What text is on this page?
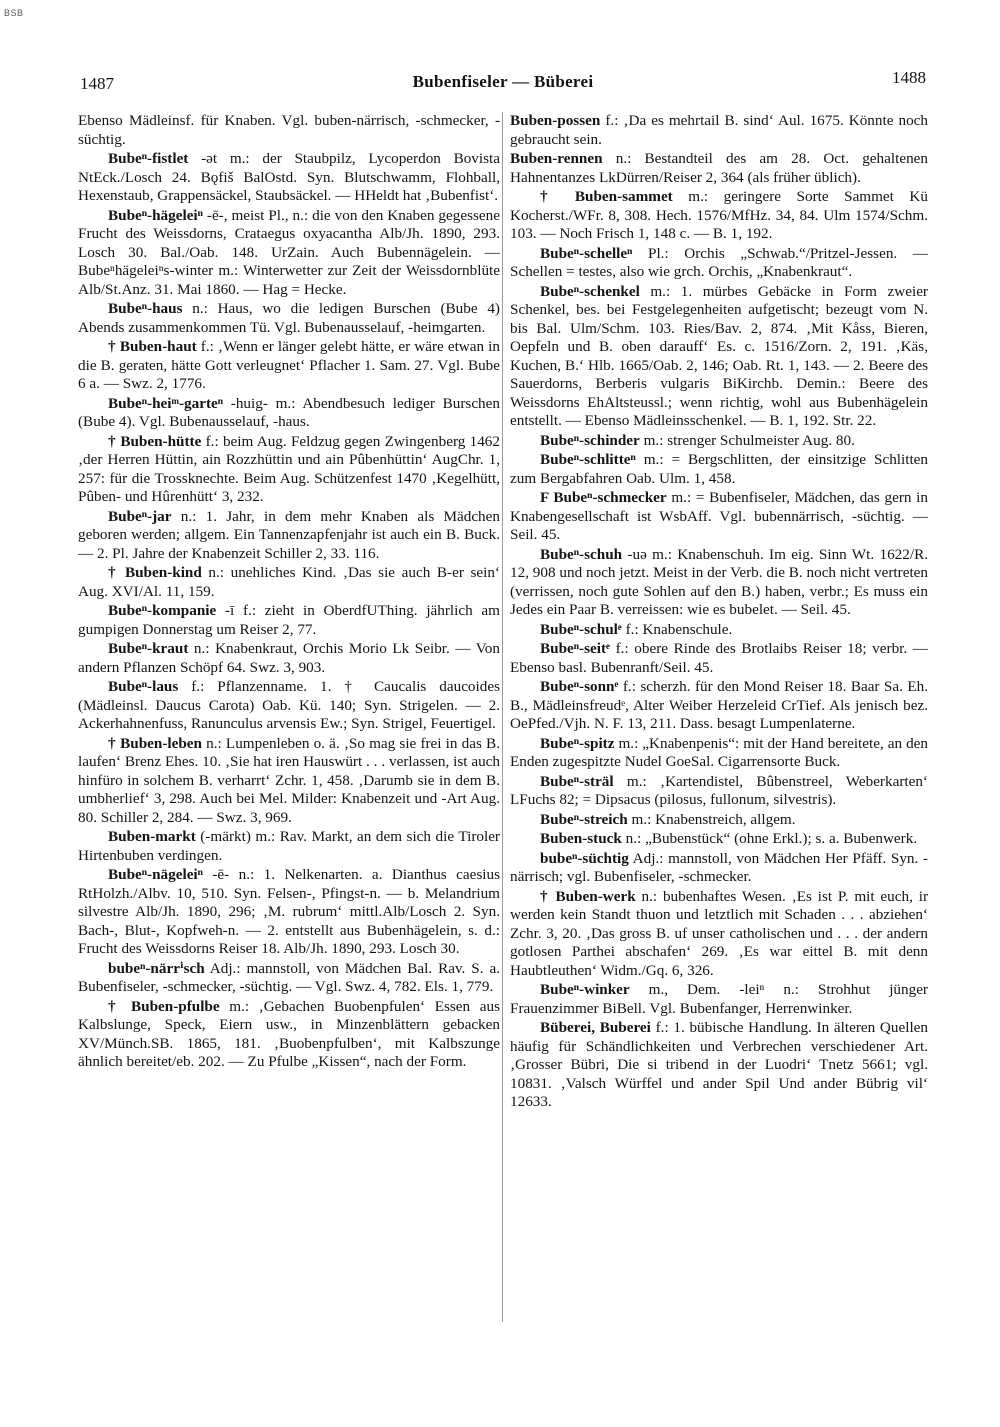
BSB
1487	Bubenfiseler — Büberei	1488

Ebenso Mädleinsf. für Knaben. Vgl. buben-närrisch, -schmecker, -süchtig.

Bubeⁿ-fistlet -ət m.: der Staubpilz, Lycoperdon Bovista NtEck./Losch 24. Bǫfiš BalOstd. Syn. Blutschwamm, Flohball, Hexenstaub, Grappensäckel, Staubsäckel. — HHeldt hat ‚Bubenfist‘.

Bubeⁿ-hägeleiⁿ -ē-, meist Pl., n.: die von den Knaben gegessene Frucht des Weissdorns, Crataegus oxyacantha Alb/Jh. 1890, 293. Losch 30. Bal./Oab. 148. UrZain. Auch Bubennägelein. — Bubeⁿhägeleiⁿs-winter m.: Winterwetter zur Zeit der Weissdornblüte Alb/St.Anz. 31. Mai 1860. — Hag = Hecke.

Bubeⁿ-haus n.: Haus, wo die ledigen Burschen (Bube 4) Abends zusammenkommen Tü. Vgl. Bubenausselauf, -heimgarten.

† Buben-haut f.: ‚Wenn er länger gelebt hätte, er wäre etwan in die B. geraten, hätte Gott verleugnet‘ Pflacher 1. Sam. 27. Vgl. Bube 6 a. — Swz. 2, 1776.

Bubeⁿ-heiᵐ-garteⁿ -huig- m.: Abendbesuch lediger Burschen (Bube 4). Vgl. Bubenausselauf, -haus.

† Buben-hütte f.: beim Aug. Feldzug gegen Zwingenberg 1462 ‚der Herren Hüttin, ain Rozzhüttin und ain Pûbenhüttin‘ AugChr. 1, 257: für die Trossknechte. Beim Aug. Schützenfest 1470 ‚Kegelhütt, Pûben- und Hûrenhütt‘ 3, 232.

Bubeⁿ-jar n.: 1. Jahr, in dem mehr Knaben als Mädchen geboren werden; allgem. Ein Tannenzapfenjahr ist auch ein B. Buck. — 2. Pl. Jahre der Knabenzeit Schiller 2, 33. 116.

† Buben-kind n.: unehliches Kind. ‚Das sie auch B-er sein‘ Aug. XVI/Al. 11, 159.

Bubeⁿ-kompanie -ī f.: zieht in OberdfUThing. jährlich am gumpigen Donnerstag um Reiser 2, 77.

Bubeⁿ-kraut n.: Knabenkraut, Orchis Morio Lk Seibr. — Von andern Pflanzen Schöpf 64. Swz. 3, 903.

Bubeⁿ-laus f.: Pflanzenname. 1. † Caucalis daucoides (Mädleinsl. Daucus Carota) Oab. Kü. 140; Syn. Strigelen. — 2. Ackerhahnenfuss, Ranunculus arvensis Ew.; Syn. Strigel, Feuertigel.

† Buben-leben n.: Lumpenleben o. ä. ‚So mag sie frei in das B. laufen‘ Brenz Ehes. 10. ‚Sie hat iren Hauswürt . . . verlassen, ist auch hinfüro in solchem B. verharrt‘ Zchr. 1, 458. ‚Darumb sie in dem B. umbherlief‘ 3, 298. Auch bei Mel. Milder: Knabenzeit und -Art Aug. 80. Schiller 2, 284. — Swz. 3, 969.

Buben-markt (-märkt) m.: Rav. Markt, an dem sich die Tiroler Hirtenbuben verdingen.

Bubeⁿ-nägeleiⁿ -ē- n.: 1. Nelkenarten. a. Dianthus caesius RtHolzh./Albv. 10, 510. Syn. Felsen-, Pfingst-n. — b. Melandrium silvestre Alb/Jh. 1890, 296; ‚M. rubrum‘ mittl.Alb/Losch 2. Syn. Bach-, Blut-, Kopfweh-n. — 2. entstellt aus Bubenhägelein, s. d.: Frucht des Weissdorns Reiser 18. Alb/Jh. 1890, 293. Losch 30.

bubeⁿ-närrⁱsch Adj.: mannstoll, von Mädchen Bal. Rav. S. a. Bubenfiseler, -schmecker, -süchtig. — Vgl. Swz. 4, 782. Els. 1, 779.

† Buben-pfulbe m.: ‚Gebachen Buobenpfulen‘ Essen aus Kalbslunge, Speck, Eiern usw., in Minzenblättern gebacken XV/Münch.SB. 1865, 181. ‚Buobenpfulben‘, mit Kalbszunge ähnlich bereitet/eb. 202. — Zu Pfulbe „Kissen“, nach der Form.

Buben-possen f.: ‚Da es mehrtail B. sind‘ Aul. 1675. Könnte noch gebraucht sein.

Buben-rennen n.: Bestandteil des am 28. Oct. gehaltenen Hahnentanzes LkDürren/Reiser 2, 364 (als früher üblich).

† Buben-sammet m.: geringere Sorte Sammet Kü Kocherst./WFr. 8, 308. Hech. 1576/MfHz. 34, 84. Ulm 1574/Schm. 103. — Noch Frisch 1, 148 c. — B. 1, 192.

Bubeⁿ-schelleⁿ Pl.: Orchis „Schwab.“/Pritzel-Jessen. — Schellen = testes, also wie grch. Orchis, „Knabenkraut“.

Bubeⁿ-schenkel m.: 1. mürbes Gebäcke in Form zweier Schenkel, bes. bei Festgelegenheiten aufgetischt; bezeugt vom N. bis Bal. Ulm/Schm. 103. Ries/Bav. 2, 874. ‚Mit Kåss, Bieren, Oepfeln und B. oben darauff‘ Es. c. 1516/Zorn. 2, 191. ‚Käs, Kuchen, B.‘ Hlb. 1665/Oab. 2, 146; Oab. Rt. 1, 143. — 2. Beere des Sauerdorns, Berberis vulgaris BiKirchb. Demin.: Beere des Weissdorns EhAltsteussl.; wenn richtig, wohl aus Bubenhägelein entstellt. — Ebenso Mädleinsschenkel. — B. 1, 192. Str. 22.

Bubeⁿ-schinder m.: strenger Schulmeister Aug. 80.

Bubeⁿ-schlitteⁿ m.: = Bergschlitten, der einsitzige Schlitten zum Bergabfahren Oab. Ulm. 1, 458.

F Bubeⁿ-schmecker m.: = Bubenfiseler, Mädchen, das gern in Knabengesellschaft ist WsbAff. Vgl. bubennärrisch, -süchtig. — Seil. 45.

Bubeⁿ-schuh -uə m.: Knabenschuh. Im eig. Sinn Wt. 1622/R. 12, 908 und noch jetzt. Meist in der Verb. die B. noch nicht vertreten (verrissen, noch gute Sohlen auf den B.) haben, verbr.; Es muss ein Jedes ein Paar B. verreissen: wie es bubelet. — Seil. 45.

Bubeⁿ-schulᵉ f.: Knabenschule.

Bubeⁿ-seitᵉ f.: obere Rinde des Brotlaibs Reiser 18; verbr. — Ebenso basl. Bubenranft/Seil. 45.

Bubeⁿ-sonnᵉ f.: scherzh. für den Mond Reiser 18. Baar Sa. Eh. B., Mädleinsfreudᵉ, Alter Weiber Herzeleid CrTief. Als jenisch bez. OePfed./Vjh. N. F. 13, 211. Dass. besagt Lumpenlaterne.

Bubeⁿ-spitz m.: „Knabenpenis“: mit der Hand bereitete, an den Enden zugespitzte Nudel GoeSal. Cigarrensorte Buck.

Bubeⁿ-sträl m.: ‚Kartendistel, Bûbenstreel, Weberkarten‘ LFuchs 82; = Dipsacus (pilosus, fullonum, silvestris).

Bubeⁿ-streich m.: Knabenstreich, allgem.

Buben-stuck n.: „Bubenstück“ (ohne Erkl.); s. a. Bubenwerk.

bubeⁿ-süchtig Adj.: mannstoll, von Mädchen Her Pfäff. Syn. -närrisch; vgl. Bubenfiseler, -schmecker.

† Buben-werk n.: bubenhaftes Wesen. ‚Es ist P. mit euch, ir werden kein Standt thuon und letztlich mit Schaden . . . abziehen‘ Zchr. 3, 20. ‚Das gross B. uf unser catholischen und . . . der andern gotlosen Parthei abschafen‘ 269. ‚Es war eittel B. mit denn Haubtleuthen‘ Widm./Gq. 6, 326.

Bubeⁿ-winker m., Dem. -leiⁿ n.: Strohhut jünger Frauenzimmer BiBell. Vgl. Bubenfanger, Herrenwinker.

Büberei, Buberei f.: 1. bübische Handlung. In älteren Quellen häufig für Schändlichkeiten und Verbrechen verschiedener Art. ‚Grosser Bübri, Die si tribend in der Luodri‘ Tnetz 5661; vgl. 10831. ‚Valsch Würffel und ander Spil Und ander Bübrig vil‘ 12633.
